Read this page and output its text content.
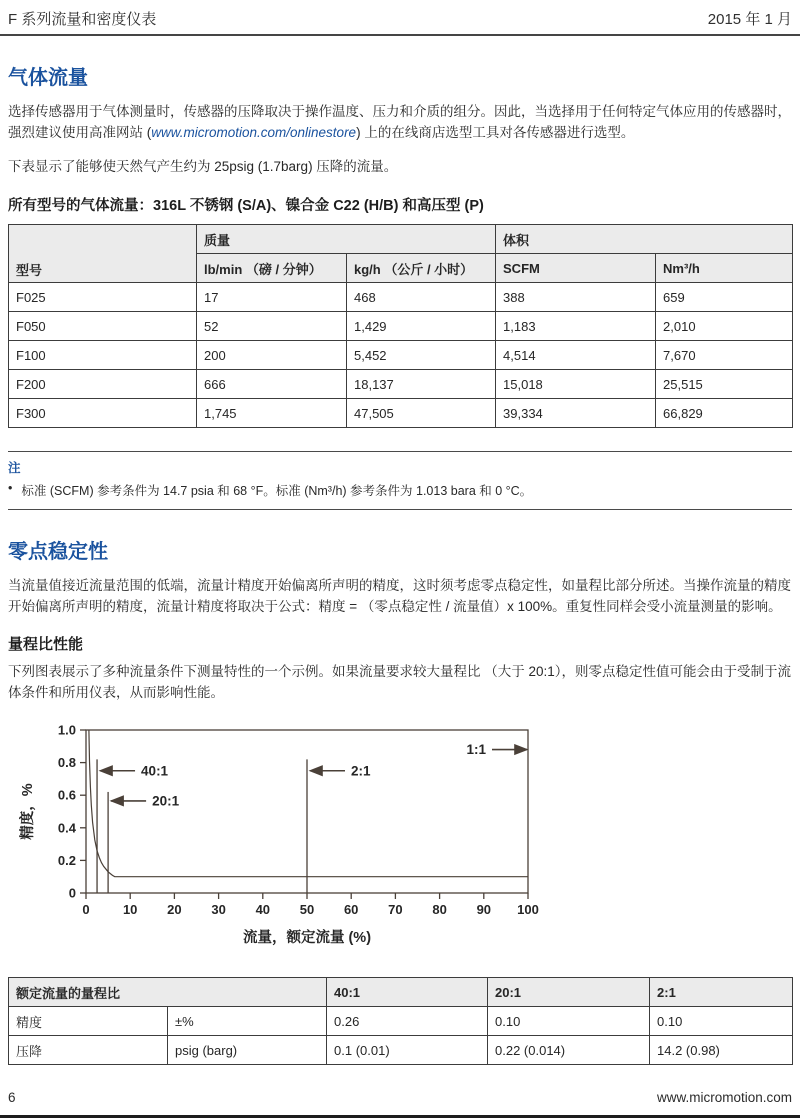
F 系列流量和密度仪表	2015 年 1 月
气体流量

选择传感器用于气体测量时，传感器的压降取决于操作温度、压力和介质的组分。因此，当选择用于任何特定气体应用的传感器时，强烈建议使用高准网站 (www.micromotion.com/onlinestore) 上的在线商店选型工具对各传感器进行选型。

下表显示了能够使天然气产生约为 25psig (1.7barg) 压降的流量。

所有型号的气体流量：316L 不锈钢 (S/A)、镍合金 C22 (H/B) 和高压型 (P)
型号	质量		体积	
	lb/min （磅 / 分钟）	kg/h （公斤 / 小时）	SCFM	Nm³/h
F025	17	468	388	659
F050	52	1,429	1,183	2,010
F100	200	5,452	4,514	7,670
F200	666	18,137	15,018	25,515
F300	1,745	47,505	39,334	66,829
注
• 标准 (SCFM) 参考条件为 14.7 psia 和 68 °F。标准 (Nm³/h) 参考条件为 1.013 bara 和 0 °C。
零点稳定性

当流量值接近流量范围的低端，流量计精度开始偏离所声明的精度，这时须考虑零点稳定性，如量程比部分所述。当操作流量的精度开始偏离所声明的精度，流量计精度将取决于公式：精度 = （零点稳定性 / 流量值）x 100%。重复性同样会受小流量测量的影响。

量程比性能

下列图表展示了多种流量条件下测量特性的一个示例。如果流量要求较大量程比 （大于 20:1），则零点稳定性值可能会由于受制于流体条件和所用仪表，从而影响性能。

0	10 20 30 40 50 60 70 80 90 100
0
0.2
0.4
0.6
0.8
1.0
40:1
20:1
2:1
1:1
流量，额定流量 (%)
精度，%
额定流量的量程比		40:1	20:1	2:1
精度	±%	0.26	0.10	0.10
压降	psig (barg)	0.1 (0.01)	0.22 (0.014)	14.2 (0.98)
6	www.micromotion.com
